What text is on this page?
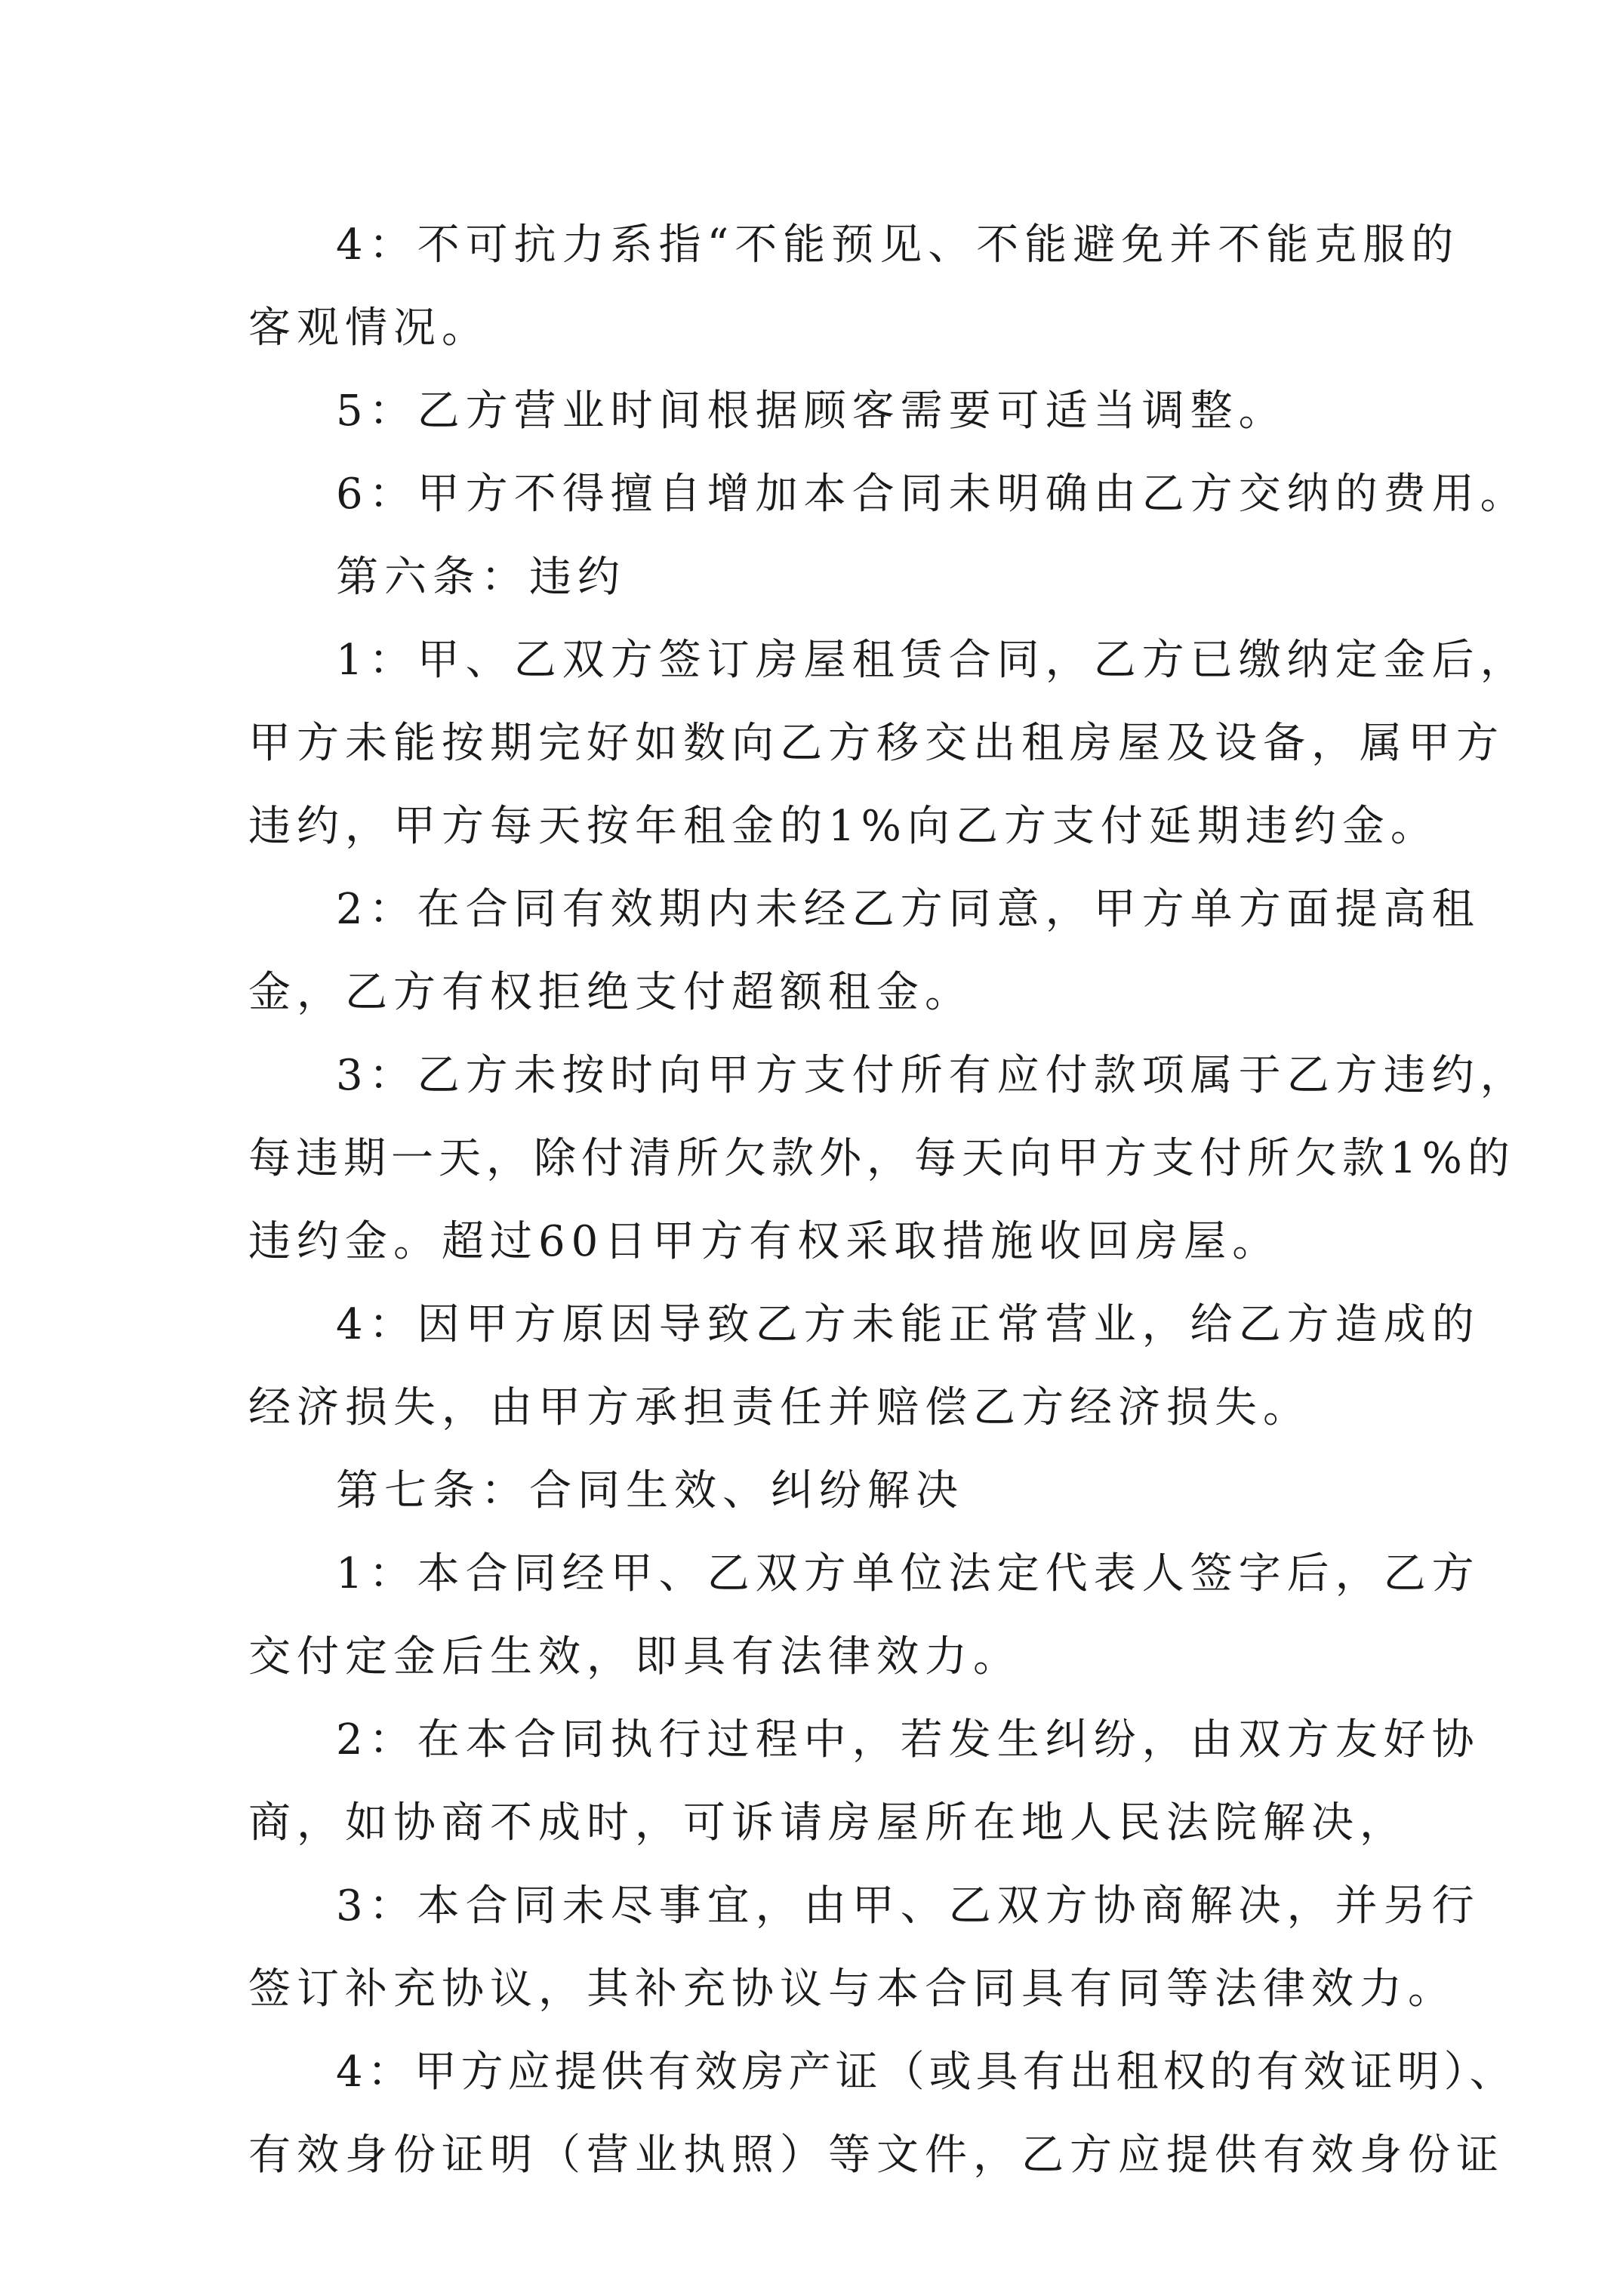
4：不可抗力系指“不能预见、不能避免并不能克服的
客观情况。
5：乙方营业时间根据顾客需要可适当调整。
6：甲方不得擅自增加本合同未明确由乙方交纳的费用。
第六条：违约
1：甲、乙双方签订房屋租赁合同，乙方已缴纳定金后，
甲方未能按期完好如数向乙方移交出租房屋及设备，属甲方
违约，甲方每天按年租金的1%向乙方支付延期违约金。
2：在合同有效期内未经乙方同意，甲方单方面提高租
金，乙方有权拒绝支付超额租金。
3：乙方未按时向甲方支付所有应付款项属于乙方违约，
每违期一天，除付清所欠款外，每天向甲方支付所欠款1%的
违约金。超过60日甲方有权采取措施收回房屋。
4：因甲方原因导致乙方未能正常营业，给乙方造成的
经济损失，由甲方承担责任并赔偿乙方经济损失。
第七条：合同生效、纠纷解决
1：本合同经甲、乙双方单位法定代表人签字后，乙方
交付定金后生效，即具有法律效力。
2：在本合同执行过程中，若发生纠纷，由双方友好协
商，如协商不成时，可诉请房屋所在地人民法院解决，
3：本合同未尽事宜，由甲、乙双方协商解决，并另行
签订补充协议，其补充协议与本合同具有同等法律效力。
4：甲方应提供有效房产证（或具有出租权的有效证明）、
有效身份证明（营业执照）等文件，乙方应提供有效身份证
